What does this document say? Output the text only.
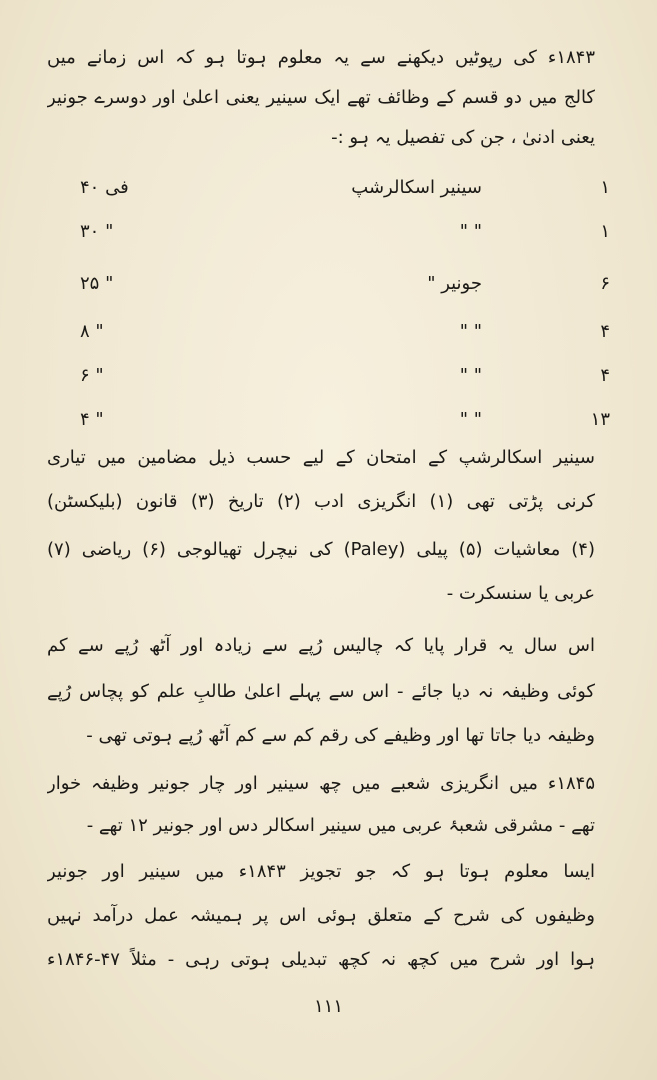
۱۸۴۳ء کی رپوٹیں دیکھنے سے یہ معلوم ہوتا ہو کہ اس زمانے میں
کالج میں دو قسم کے وظائف تھے ایک سینیر یعنی اعلیٰ اور دوسرے جونیر
یعنی ادنیٰ ، جن کی تفصیل یہ ہو :-
۱
سینیر اسکالرشپ
فی ۴۰
۱
" "
" ۳۰
۶
جونیر "
" ۲۵
۴
" "
" ۸
۴
" "
" ۶
۱۳
" "
" ۴
سینیر اسکالرشپ کے امتحان کے لیے حسب ذیل مضامین میں تیاری
کرنی پڑتی تھی (۱) انگریزی ادب (۲) تاریخ (۳) قانون (بلیکسٹن)
(۴) معاشیات (۵) پیلی (Paley) کی نیچرل تھیالوجی (۶) ریاضی (۷)
عربی یا سنسکرت -
اس سال یہ قرار پایا کہ چالیس رُپے سے زیادہ اور آٹھ رُپے سے کم
کوئی وظیفہ نہ دیا جائے - اس سے پہلے اعلیٰ طالبِ علم کو پچاس رُپے
وظیفہ دیا جاتا تھا اور وظیفے کی رقم کم سے کم آٹھ رُپے ہوتی تھی -
۱۸۴۵ء میں انگریزی شعبے میں چھ سینیر اور چار جونیر وظیفہ خوار
تھے - مشرقی شعبۂ عربی میں سینیر اسکالر دس اور جونیر ۱۲ تھے -
ایسا معلوم ہوتا ہو کہ جو تجویز ۱۸۴۳ء میں سینیر اور جونیر
وظیفوں کی شرح کے متعلق ہوئی اس پر ہمیشہ عمل درآمد نہیں
ہوا اور شرح میں کچھ نہ کچھ تبدیلی ہوتی رہی - مثلاً ۴۷-۱۸۴۶ء
۱۱۱
